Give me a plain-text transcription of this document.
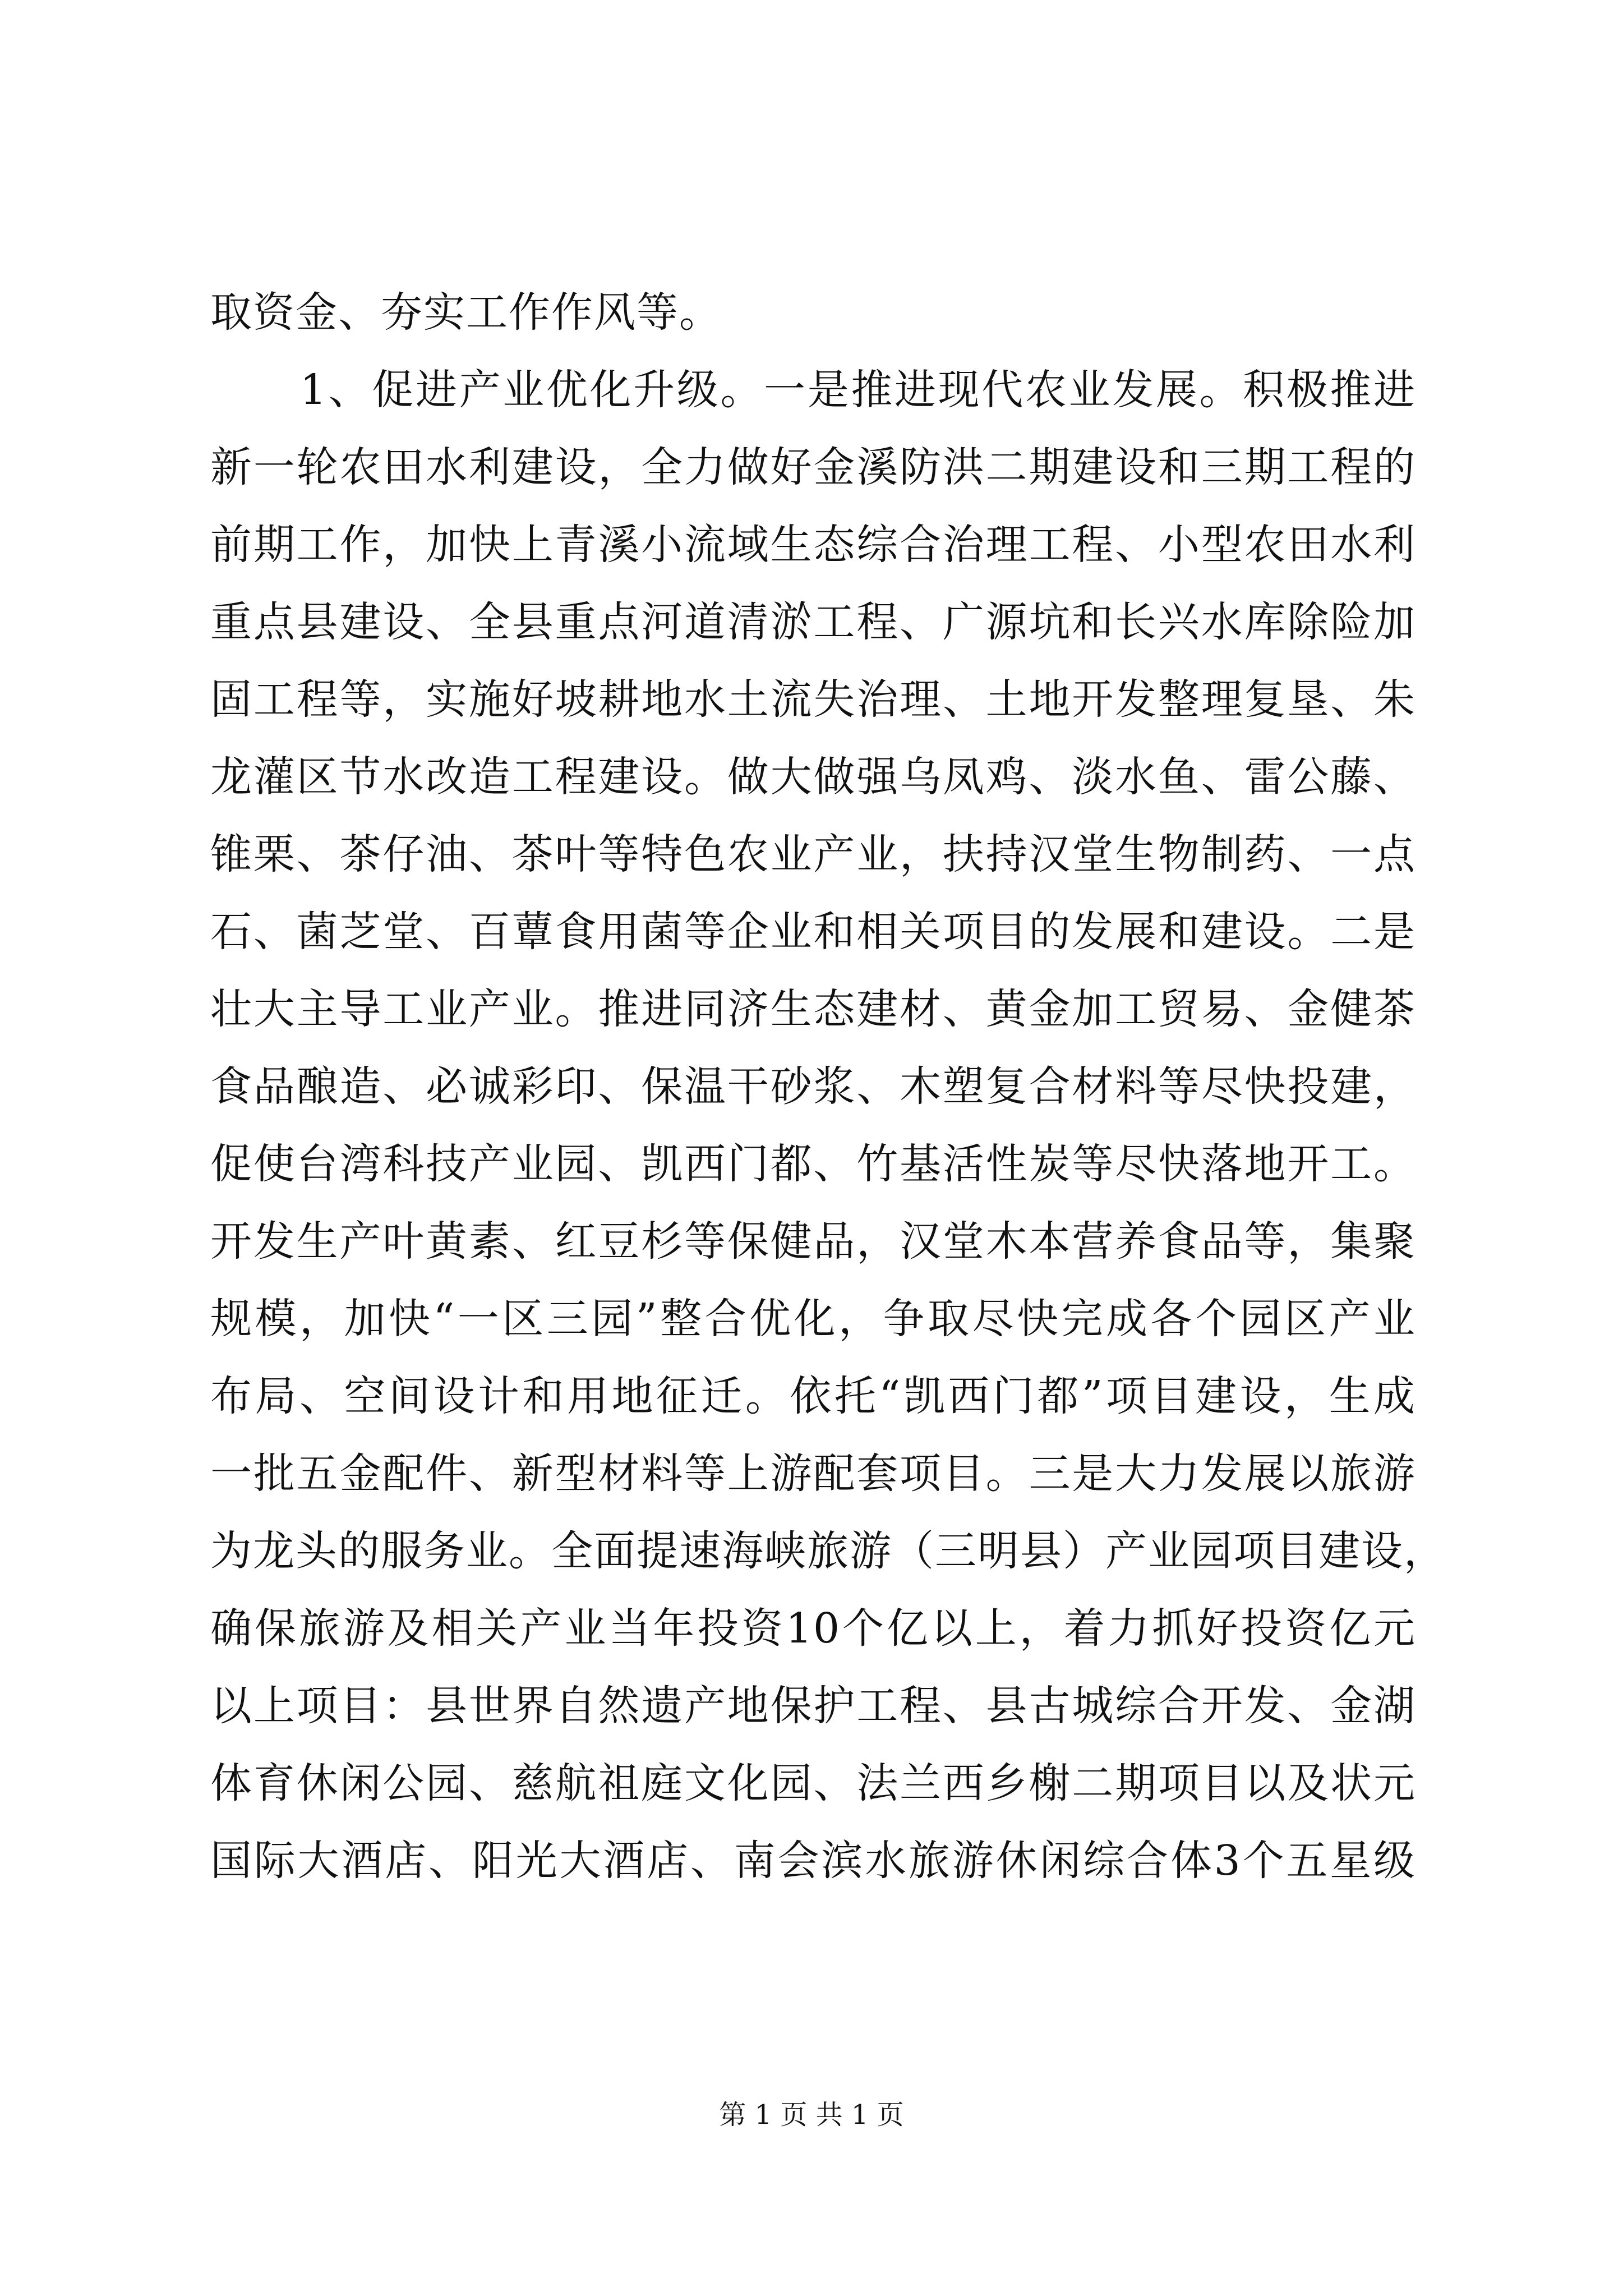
取资金、夯实工作作风等。
1、促进产业优化升级。一是推进现代农业发展。积极推进
新一轮农田水利建设，全力做好金溪防洪二期建设和三期工程的
前期工作，加快上青溪小流域生态综合治理工程、小型农田水利
重点县建设、全县重点河道清淤工程、广源坑和长兴水库除险加
固工程等，实施好坡耕地水土流失治理、土地开发整理复垦、朱
龙灌区节水改造工程建设。做大做强乌凤鸡、淡水鱼、雷公藤、
锥栗、茶仔油、茶叶等特色农业产业，扶持汉堂生物制药、一点
石、菌芝堂、百蕈食用菌等企业和相关项目的发展和建设。二是
壮大主导工业产业。推进同济生态建材、黄金加工贸易、金健茶
食品酿造、必诚彩印、保温干砂浆、木塑复合材料等尽快投建，
促使台湾科技产业园、凯西门都、竹基活性炭等尽快落地开工。
开发生产叶黄素、红豆杉等保健品，汉堂木本营养食品等，集聚
规模，加快“一区三园”整合优化，争取尽快完成各个园区产业
布局、空间设计和用地征迁。依托“凯西门都”项目建设，生成
一批五金配件、新型材料等上游配套项目。三是大力发展以旅游
为龙头的服务业。全面提速海峡旅游（三明县）产业园项目建设，
确保旅游及相关产业当年投资10个亿以上，着力抓好投资亿元
以上项目：县世界自然遗产地保护工程、县古城综合开发、金湖
体育休闲公园、慈航祖庭文化园、法兰西乡榭二期项目以及状元
国际大酒店、阳光大酒店、南会滨水旅游休闲综合体3个五星级
第 1 页 共 1 页
